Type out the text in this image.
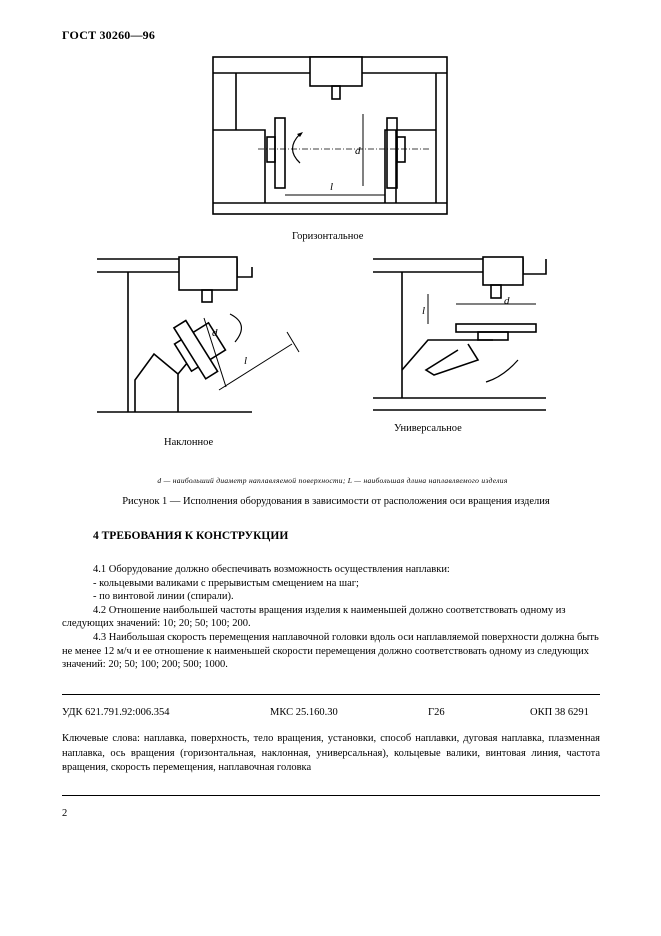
ГОСТ 30260—96
d
l
Горизонтальное
d
l
Наклонное
d
l
Универсальное
d — наибольший диаметр наплавляемой поверхности; L — наибольшая длина наплавляемого изделия
Рисунок 1 — Исполнения оборудования в зависимости от расположения оси вращения изделия
4 ТРЕБОВАНИЯ К КОНСТРУКЦИИ

4.1 Оборудование должно обеспечивать возможность осуществления наплавки:

- кольцевыми валиками с прерывистым смещением на шаг;

- по винтовой линии (спирали).

4.2 Отношение наибольшей частоты вращения изделия к наименьшей должно соответствовать одному из следующих значений: 10; 20; 50; 100; 200.

4.3 Наибольшая скорость перемещения наплавочной головки вдоль оси наплавляемой поверхности должна быть не менее 12 м/ч и ее отношение к наименьшей скорости перемещения должно соответствовать одному из следующих значений: 20; 50; 100; 200; 500; 1000.

УДК 621.791.92:006.354	МКС 25.160.30	Г26	ОКП 38 6291
Ключевые слова: наплавка, поверхность, тело вращения, установки, способ наплавки, дуговая наплавка, плазменная наплавка, ось вращения (горизонтальная, наклонная, универсальная), кольцевые валики, винтовая линия, частота вращения, скорость перемещения, наплавочная головка
2
